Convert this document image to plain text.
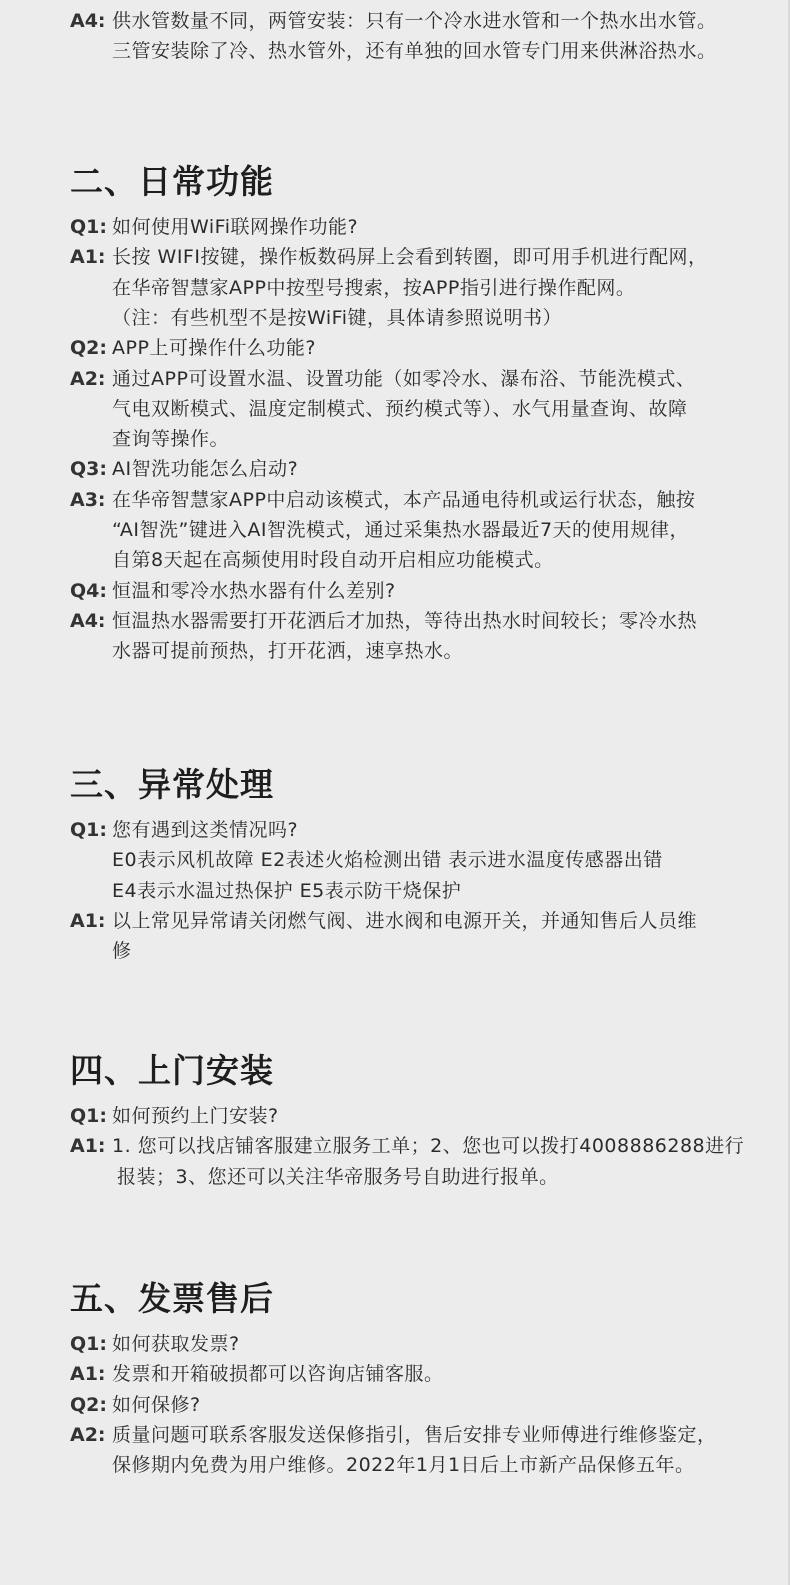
A4: 供水管数量不同，两管安装：只有一个冷水进水管和一个热水出水管。
三管安装除了冷、热水管外，还有单独的回水管专门用来供淋浴热水。
二、日常功能
Q1: 如何使用WiFi联网操作功能?
A1: 长按 WIFI按键，操作板数码屏上会看到转圈，即可用手机进行配网，
在华帝智慧家APP中按型号搜索，按APP指引进行操作配网。
（注：有些机型不是按WiFi键，具体请参照说明书）
Q2: APP上可操作什么功能?
A2: 通过APP可设置水温、设置功能（如零冷水、瀑布浴、节能洗模式、
气电双断模式、温度定制模式、预约模式等）、水气用量查询、故障
查询等操作。
Q3: AI智洗功能怎么启动?
A3: 在华帝智慧家APP中启动该模式，本产品通电待机或运行状态，触按
“AI智洗”键进入AI智洗模式，通过采集热水器最近7天的使用规律，
自第8天起在高频使用时段自动开启相应功能模式。
Q4: 恒温和零冷水热水器有什么差别?
A4: 恒温热水器需要打开花洒后才加热，等待出热水时间较长；零冷水热
水器可提前预热，打开花洒，速享热水。
三、异常处理
Q1: 您有遇到这类情况吗?
E0表示风机故障 E2表述火焰检测出错 表示进水温度传感器出错
E4表示水温过热保护 E5表示防干烧保护
A1: 以上常见异常请关闭燃气阀、进水阀和电源开关，并通知售后人员维
修
四、上门安装
Q1: 如何预约上门安装?
A1: 1. 您可以找店铺客服建立服务工单；2、您也可以拨打4008886288进行
报装；3、您还可以关注华帝服务号自助进行报单。
五、发票售后
Q1: 如何获取发票?
A1: 发票和开箱破损都可以咨询店铺客服。
Q2: 如何保修?
A2: 质量问题可联系客服发送保修指引，售后安排专业师傅进行维修鉴定，
保修期内免费为用户维修。2022年1月1日后上市新产品保修五年。
